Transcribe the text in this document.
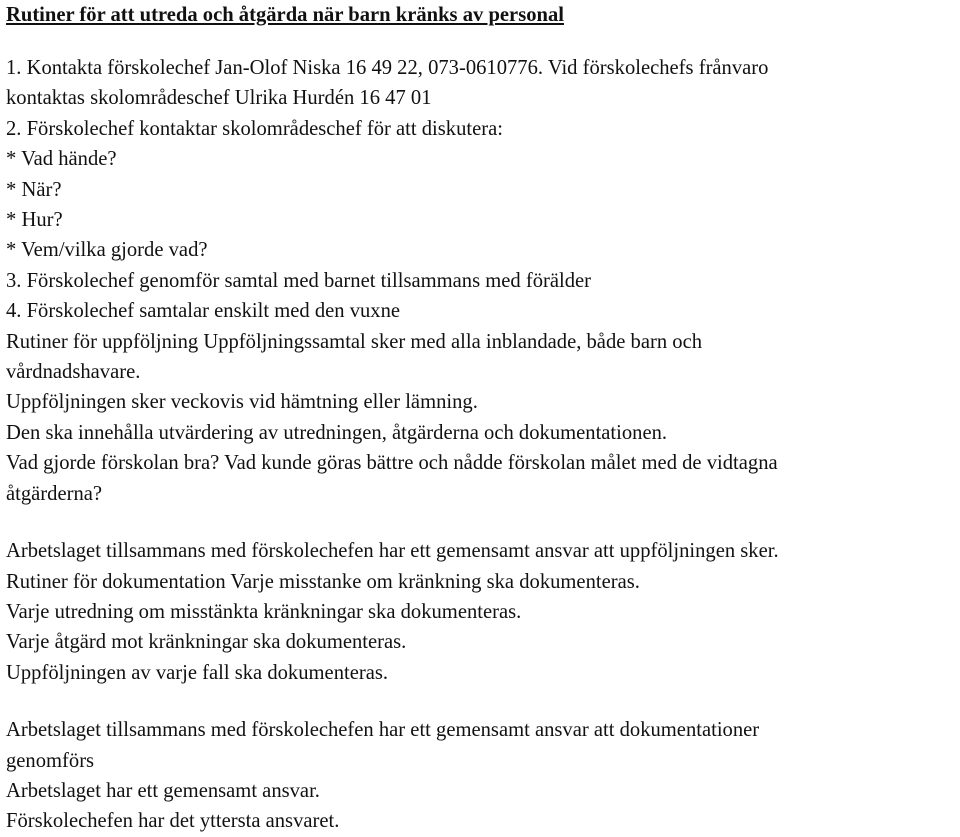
Rutiner för att utreda och åtgärda när barn kränks av personal
1. Kontakta förskolechef Jan-Olof Niska 16 49 22, 073-0610776. Vid förskolechefs frånvaro
kontaktas skolområdeschef Ulrika Hurdén 16 47 01
2. Förskolechef kontaktar skolområdeschef för att diskutera:
* Vad hände?
* När?
* Hur?
* Vem/vilka gjorde vad?
3. Förskolechef genomför samtal med barnet tillsammans med förälder
4. Förskolechef samtalar enskilt med den vuxne
Rutiner för uppföljning Uppföljningssamtal sker med alla inblandade, både barn och
vårdnadshavare.
Uppföljningen sker veckovis vid hämtning eller lämning.
Den ska innehålla utvärdering av utredningen, åtgärderna och dokumentationen.
Vad gjorde förskolan bra? Vad kunde göras bättre och nådde förskolan målet med de vidtagna
åtgärderna?
Arbetslaget tillsammans med förskolechefen har ett gemensamt ansvar att uppföljningen sker.
Rutiner för dokumentation Varje misstanke om kränkning ska dokumenteras.
Varje utredning om misstänkta kränkningar ska dokumenteras.
Varje åtgärd mot kränkningar ska dokumenteras.
Uppföljningen av varje fall ska dokumenteras.
Arbetslaget tillsammans med förskolechefen har ett gemensamt ansvar att dokumentationer
genomförs
Arbetslaget har ett gemensamt ansvar.
Förskolechefen har det yttersta ansvaret.
